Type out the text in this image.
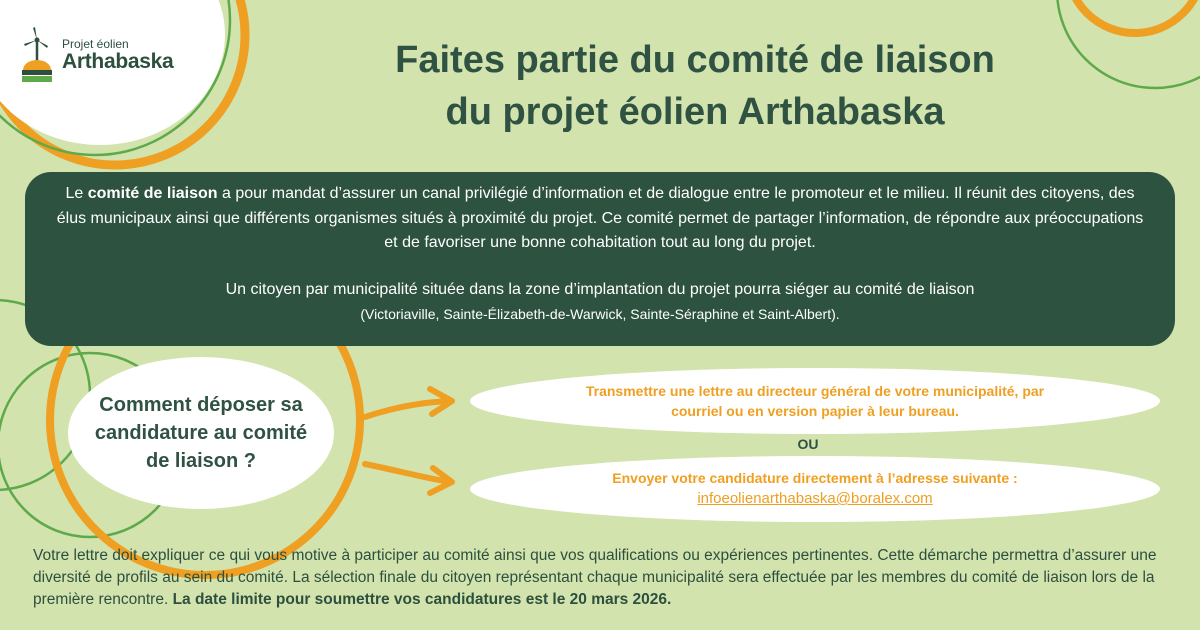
Projet éolien
Arthabaska	Faites partie du comité de liaison
du projet éolien Arthabaska

Le comité de liaison a pour mandat d’assurer un canal privilégié d’information et de dialogue entre le promoteur et le milieu. Il réunit des citoyens, des élus municipaux ainsi que différents organismes situés à proximité du projet. Ce comité permet de partager l’information, de répondre aux préoccupations et de favoriser une bonne cohabitation tout au long du projet.

Un citoyen par municipalité située dans la zone d’implantation du projet pourra siéger au comité de liaison

(Victoriaville, Sainte-Élizabeth-de-Warwick, Sainte-Séraphine et Saint-Albert).

Comment déposer sa candidature au comité de liaison ?
Transmettre une lettre au directeur général de votre municipalité, par courriel ou en version papier à leur bureau.
OU
Envoyer votre candidature directement à l’adresse suivante :
infoeolienarthabaska@boralex.com

Votre lettre doit expliquer ce qui vous motive à participer au comité ainsi que vos qualifications ou expériences pertinentes. Cette démarche permettra d’assurer une diversité de profils au sein du comité. La sélection finale du citoyen représentant chaque municipalité sera effectuée par les membres du comité de liaison lors de la première rencontre. La date limite pour soumettre vos candidatures est le 20 mars 2026.
